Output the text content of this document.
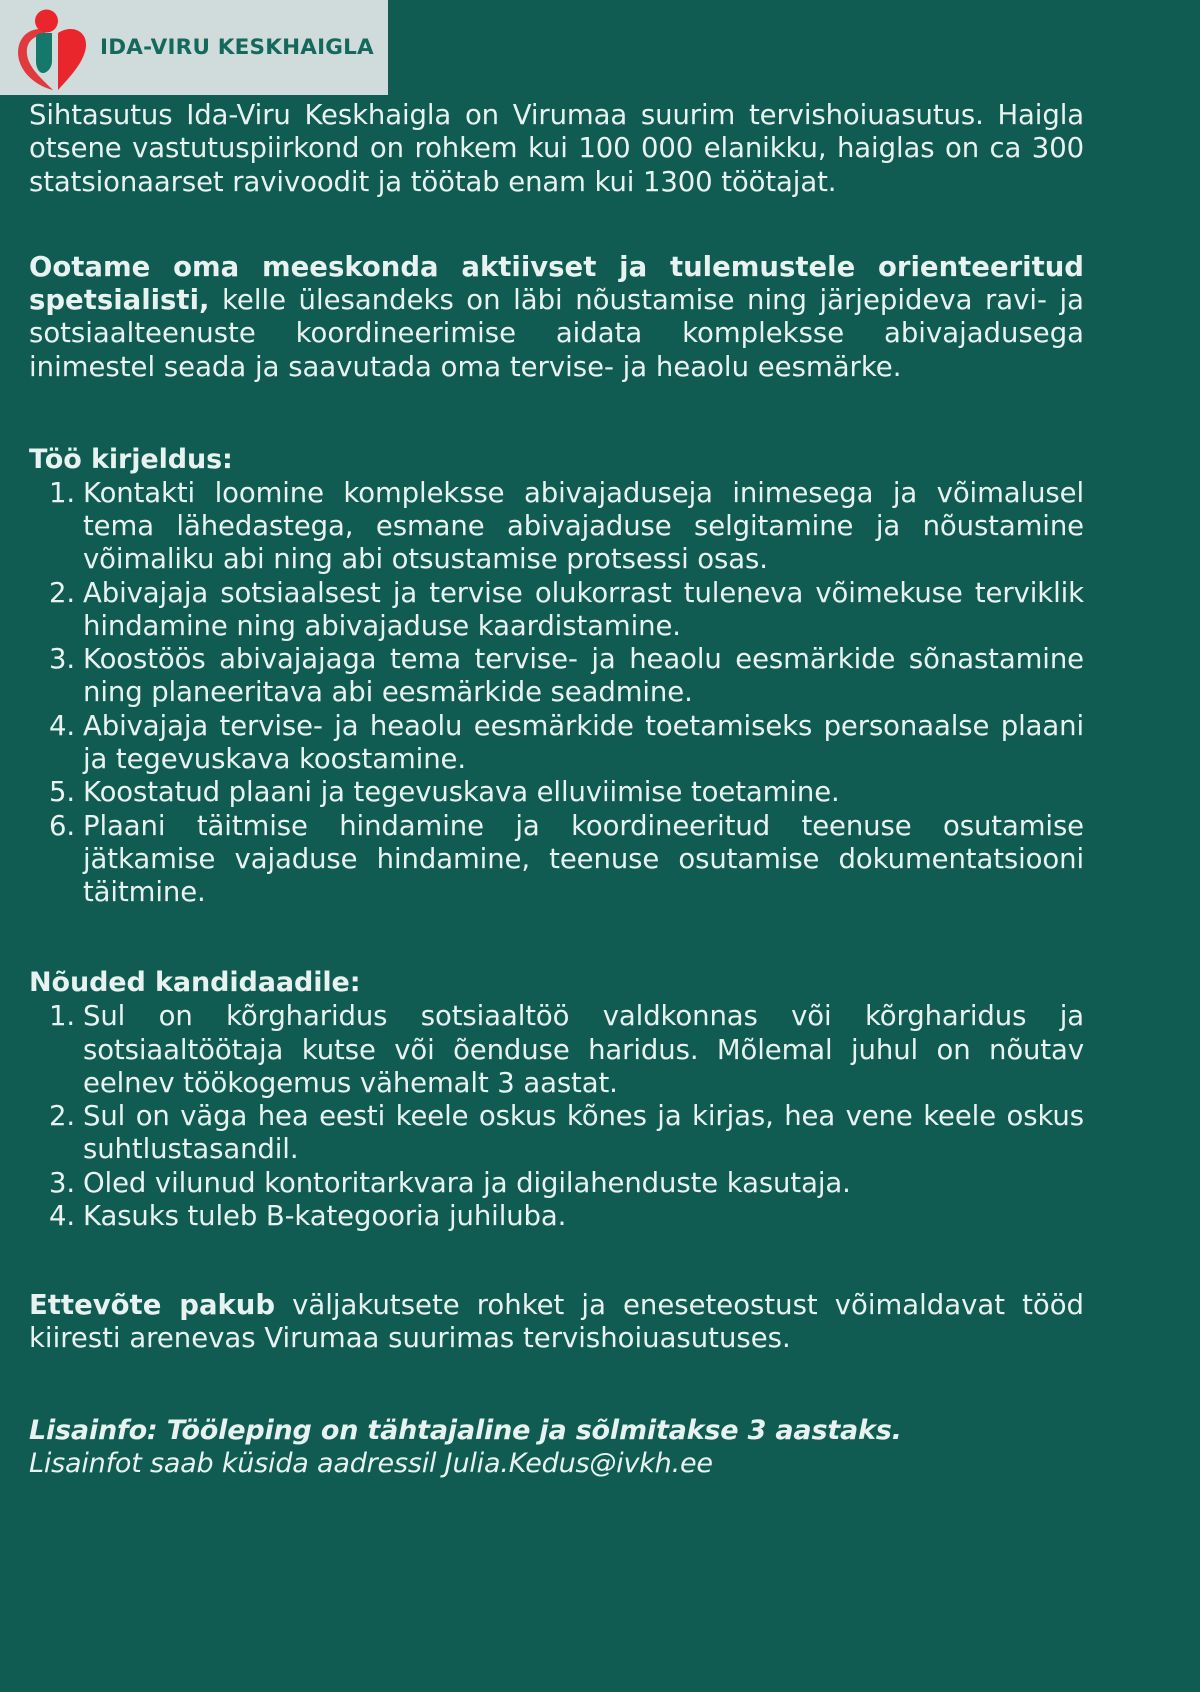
IDA-VIRU KESKHAIGLA

Sihtasutus Ida-Viru Keskhaigla on Virumaa suurim tervishoiuasutus. Haigla otsene vastutuspiirkond on rohkem kui 100 000 elanikku, haiglas on ca 300 statsionaarset ravivoodit ja töötab enam kui 1300 töötajat.

Ootame oma meeskonda aktiivset ja tulemustele orienteeritud spetsialisti, kelle ülesandeks on läbi nõustamise ning järjepideva ravi- ja sotsiaalteenuste koordineerimise aidata kompleksse abivajadusega inimestel seada ja saavutada oma tervise- ja heaolu eesmärke.

Töö kirjeldus:
1. Kontakti loomine kompleksse abivajaduseja inimesega ja võimalusel tema lähedastega, esmane abivajaduse selgitamine ja nõustamine võimaliku abi ning abi otsustamise protsessi osas.
2. Abivajaja sotsiaalsest ja tervise olukorrast tuleneva võimekuse terviklik hindamine ning abivajaduse kaardistamine.
3. Koostöös abivajajaga tema tervise- ja heaolu eesmärkide sõnastamine ning planeeritava abi eesmärkide seadmine.
4. Abivajaja tervise- ja heaolu eesmärkide toetamiseks personaalse plaani ja tegevuskava koostamine.
5. Koostatud plaani ja tegevuskava elluviimise toetamine.
6. Plaani täitmise hindamine ja koordineeritud teenuse osutamise jätkamise vajaduse hindamine, teenuse osutamise dokumentatsiooni täitmine.
Nõuded kandidaadile:
1. Sul on kõrgharidus sotsiaaltöö valdkonnas või kõrgharidus ja sotsiaaltöötaja kutse või õenduse haridus. Mõlemal juhul on nõutav eelnev töökogemus vähemalt 3 aastat.
2. Sul on väga hea eesti keele oskus kõnes ja kirjas, hea vene keele oskus suhtlustasandil.
3. Oled vilunud kontoritarkvara ja digilahenduste kasutaja.
4. Kasuks tuleb B-kategooria juhiluba.

Ettevõte pakub väljakutsete rohket ja eneseteostust võimaldavat tööd kiiresti arenevas Virumaa suurimas tervishoiuasutuses.

Lisainfo: Tööleping on tähtajaline ja sõlmitakse 3 aastaks.
Lisainfot saab küsida aadressil Julia.Kedus@ivkh.ee
